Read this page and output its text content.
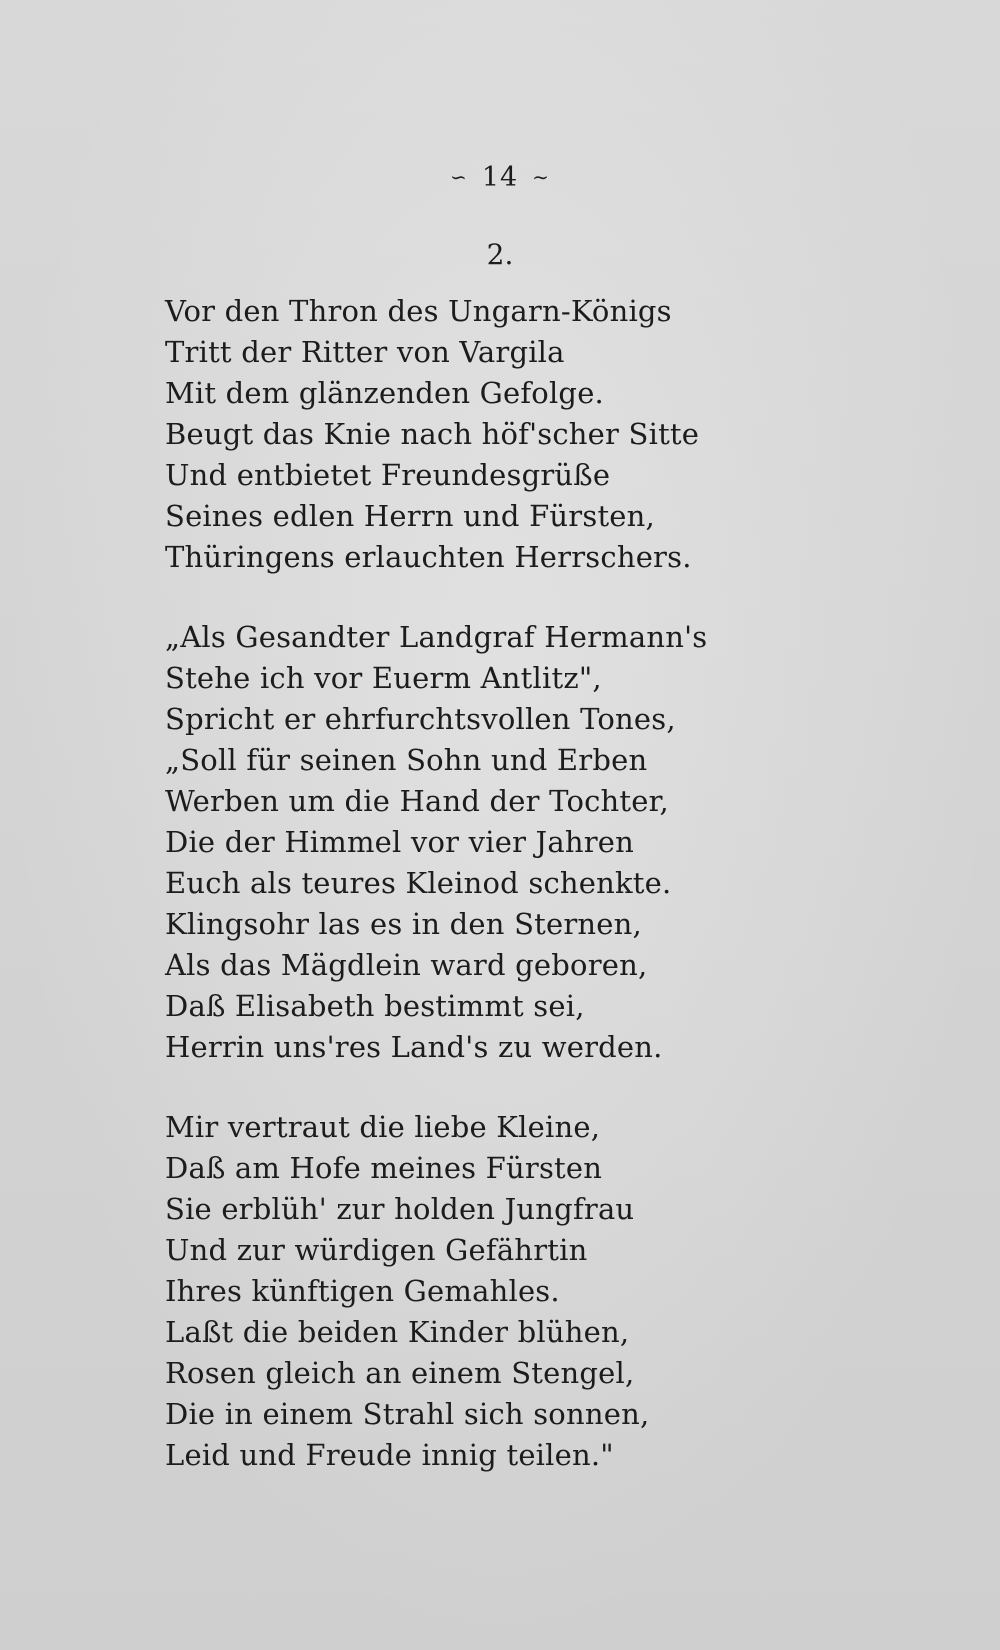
∽ 14 ∼
2.
Vor den Thron des Ungarn-Königs
Tritt der Ritter von Vargila
Mit dem glänzenden Gefolge.
Beugt das Knie nach höf'scher Sitte
Und entbietet Freundesgrüße
Seines edlen Herrn und Fürsten,
Thüringens erlauchten Herrschers.
„Als Gesandter Landgraf Hermann's
Stehe ich vor Euerm Antlitz",
Spricht er ehrfurchtsvollen Tones,
„Soll für seinen Sohn und Erben
Werben um die Hand der Tochter,
Die der Himmel vor vier Jahren
Euch als teures Kleinod schenkte.
Klingsohr las es in den Sternen,
Als das Mägdlein ward geboren,
Daß Elisabeth bestimmt sei,
Herrin uns'res Land's zu werden.
Mir vertraut die liebe Kleine,
Daß am Hofe meines Fürsten
Sie erblüh' zur holden Jungfrau
Und zur würdigen Gefährtin
Ihres künftigen Gemahles.
Laßt die beiden Kinder blühen,
Rosen gleich an einem Stengel,
Die in einem Strahl sich sonnen,
Leid und Freude innig teilen."
